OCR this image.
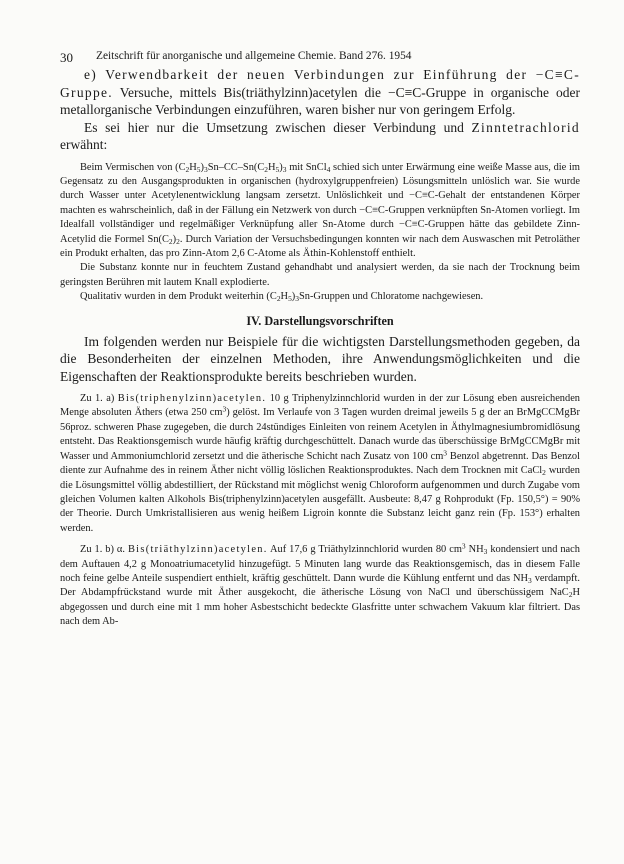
30	Zeitschrift für anorganische und allgemeine Chemie. Band 276. 1954

e) Verwendbarkeit der neuen Verbindungen zur Einführung der −C≡C-Gruppe. Versuche, mittels Bis(triäthylzinn)acetylen die −C≡C-Gruppe in organische oder metallorganische Verbindungen einzuführen, waren bisher nur von geringem Erfolg.

Es sei hier nur die Umsetzung zwischen dieser Verbindung und Zinntetrachlorid erwähnt:

Beim Vermischen von $(C_2H_5)_3Sn-CC-Sn(C_2H_5)_3$ mit SnCl$_4$ schied sich unter Erwärmung eine weiße Masse aus, die im Gegensatz zu den Ausgangsprodukten in organischen (hydroxylgruppenfreien) Lösungsmitteln unlöslich war. Sie wurde durch Wasser unter Acetylenentwicklung langsam zersetzt. Unlöslichkeit und −C≡C-Gehalt der entstandenen Körper machten es wahrscheinlich, daß in der Fällung ein Netzwerk von durch −C≡C-Gruppen verknüpften Sn-Atomen vorliegt. Im Idealfall vollständiger und regelmäßiger Verknüpfung aller Sn-Atome durch −C≡C-Gruppen hätte das gebildete Zinn-Acetylid die Formel $Sn(C_2)_2$. Durch Variation der Versuchsbedingungen konnten wir nach dem Auswaschen mit Petroläther ein Produkt erhalten, das pro Zinn-Atom 2,6 C-Atome als Äthin-Kohlenstoff enthielt.

Die Substanz konnte nur in feuchtem Zustand gehandhabt und analysiert werden, da sie nach der Trocknung beim geringsten Berühren mit lautem Knall explodierte.

Qualitativ wurden in dem Produkt weiterhin $(C_2H_5)_3Sn$-Gruppen und Chloratome nachgewiesen.

IV. Darstellungsvorschriften

Im folgenden werden nur Beispiele für die wichtigsten Darstellungsmethoden gegeben, da die Besonderheiten der einzelnen Methoden, ihre Anwendungsmöglichkeiten und die Eigenschaften der Reaktionsprodukte bereits beschrieben wurden.

Zu 1. a) Bis(triphenylzinn)acetylen. 10 g Triphenylzinnchlorid wurden in der zur Lösung eben ausreichenden Menge absoluten Äthers (etwa 250 $cm^3$) gelöst. Im Verlaufe von 3 Tagen wurden dreimal jeweils 5 g der an BrMgCCMgBr 56proz. schweren Phase zugegeben, die durch 24stündiges Einleiten von reinem Acetylen in Äthylmagnesiumbromidlösung entsteht. Das Reaktionsgemisch wurde häufig kräftig durchgeschüttelt. Danach wurde das überschüssige BrMgCCMgBr mit Wasser und Ammoniumchlorid zersetzt und die ätherische Schicht nach Zusatz von 100 $cm^3$ Benzol abgetrennt. Das Benzol diente zur Aufnahme des in reinem Äther nicht völlig löslichen Reaktionsproduktes. Nach dem Trocknen mit CaCl$_2$ wurden die Lösungsmittel völlig abdestilliert, der Rückstand mit möglichst wenig Chloroform aufgenommen und durch Zugabe vom gleichen Volumen kalten Alkohols Bis(triphenylzinn)acetylen ausgefällt. Ausbeute: 8,47 g Rohprodukt (Fp. 150,5°) = 90% der Theorie. Durch Umkristallisieren aus wenig heißem Ligroin konnte die Substanz leicht ganz rein (Fp. 153°) erhalten werden.

Zu 1. b) α. Bis(triäthylzinn)acetylen. Auf 17,6 g Triäthylzinnchlorid wurden 80 $cm^3$ $NH_3$ kondensiert und nach dem Auftauen 4,2 g Monoatriumacetylid hinzugefügt. 5 Minuten lang wurde das Reaktionsgemisch, das in diesem Falle noch feine gelbe Anteile suspendiert enthielt, kräftig geschüttelt. Dann wurde die Kühlung entfernt und das $NH_3$ verdampft. Der Abdampfrückstand wurde mit Äther ausgekocht, die ätherische Lösung von NaCl und überschüssigem NaC$_2$H abgegossen und durch eine mit 1 mm hoher Asbestschicht bedeckte Glasfritte unter schwachem Vakuum klar filtriert. Das nach dem Ab-
